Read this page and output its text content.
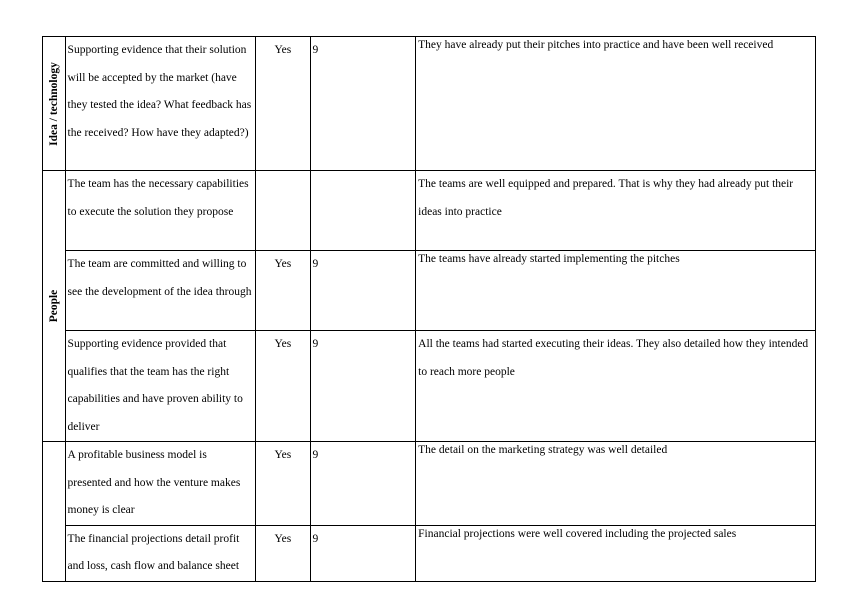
Idea / technology	Supporting evidence that their solution will be accepted by the market (have they tested the idea? What feedback has the received? How have they adapted?)	Yes	9	They have already put their pitches into practice and have been well received

People	The team has the necessary capabilities to execute the solution they propose			The teams are well equipped and prepared. That is why they had already put their ideas into practice
	The team are committed and willing to see the development of the idea through	Yes	9	The teams have already started implementing the pitches
	Supporting evidence provided that qualifies that the team has the right capabilities and have proven ability to deliver	Yes	9	All the teams had started executing their ideas. They also detailed how they intended to reach more people

	A profitable business model is presented and how the venture makes money is clear	Yes	9	The detail on the marketing strategy was well detailed
	The financial projections detail profit and loss, cash flow and balance sheet	Yes	9	Financial projections were well covered including the projected sales
